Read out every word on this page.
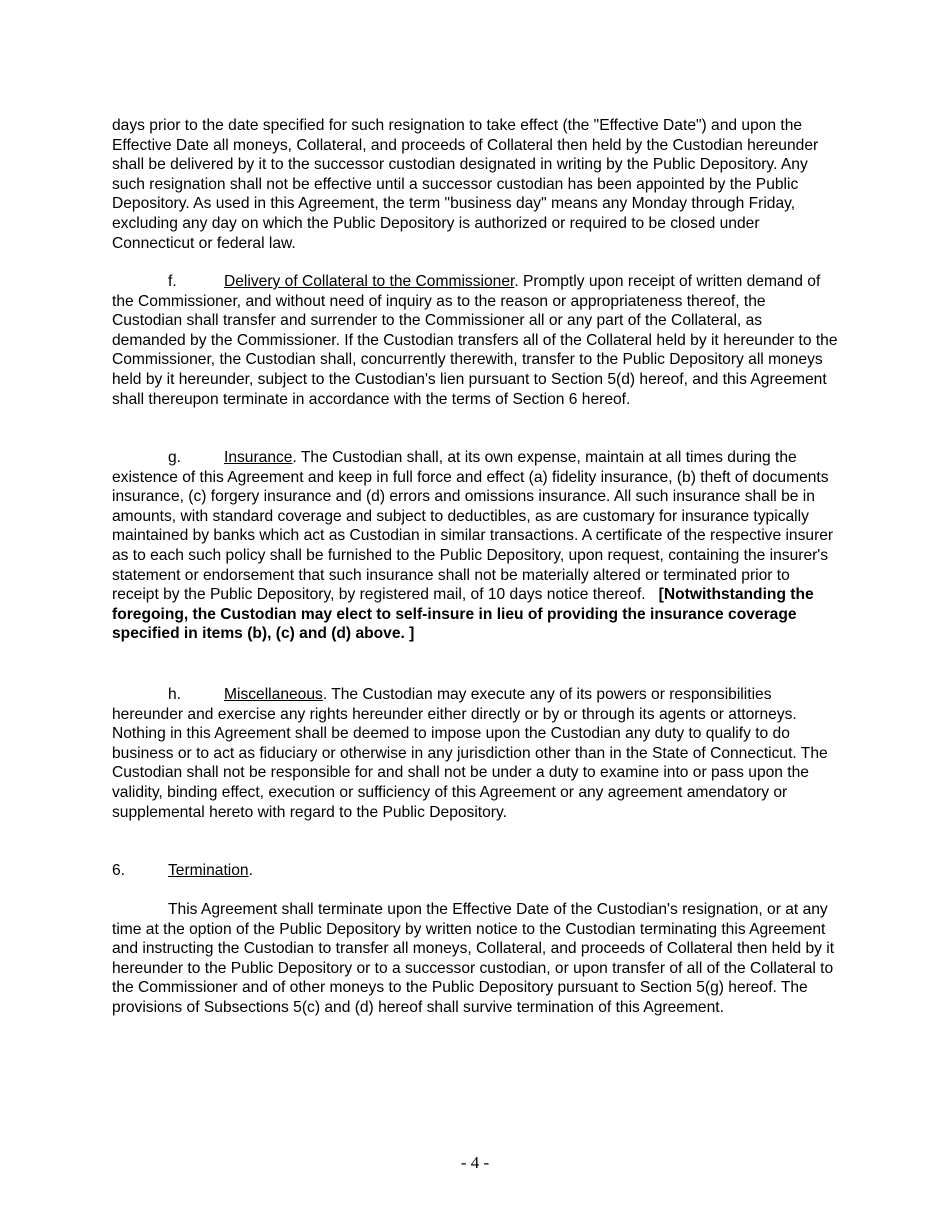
days prior to the date specified for such resignation to take effect (the "Effective Date") and upon the Effective Date all moneys, Collateral, and proceeds of Collateral then held by the Custodian hereunder shall be delivered by it to the successor custodian designated in writing by the Public Depository. Any such resignation shall not be effective until a successor custodian has been appointed by the Public Depository. As used in this Agreement, the term "business day" means any Monday through Friday, excluding any day on which the Public Depository is authorized or required to be closed under Connecticut or federal law.

f.	Delivery of Collateral to the Commissioner. Promptly upon receipt of written demand of the Commissioner, and without need of inquiry as to the reason or appropriateness thereof, the Custodian shall transfer and surrender to the Commissioner all or any part of the Collateral, as demanded by the Commissioner. If the Custodian transfers all of the Collateral held by it hereunder to the Commissioner, the Custodian shall, concurrently therewith, transfer to the Public Depository all moneys held by it hereunder, subject to the Custodian's lien pursuant to Section 5(d) hereof, and this Agreement shall thereupon terminate in accordance with the terms of Section 6 hereof.

g.	Insurance. The Custodian shall, at its own expense, maintain at all times during the existence of this Agreement and keep in full force and effect (a) fidelity insurance, (b) theft of documents insurance, (c) forgery insurance and (d) errors and omissions insurance. All such insurance shall be in amounts, with standard coverage and subject to deductibles, as are customary for insurance typically maintained by banks which act as Custodian in similar transactions. A certificate of the respective insurer as to each such policy shall be furnished to the Public Depository, upon request, containing the insurer's statement or endorsement that such insurance shall not be materially altered or terminated prior to receipt by the Public Depository, by registered mail, of 10 days notice thereof. [Notwithstanding the foregoing, the Custodian may elect to self-insure in lieu of providing the insurance coverage specified in items (b), (c) and (d) above. ]

h.	Miscellaneous. The Custodian may execute any of its powers or responsibilities hereunder and exercise any rights hereunder either directly or by or through its agents or attorneys. Nothing in this Agreement shall be deemed to impose upon the Custodian any duty to qualify to do business or to act as fiduciary or otherwise in any jurisdiction other than in the State of Connecticut. The Custodian shall not be responsible for and shall not be under a duty to examine into or pass upon the validity, binding effect, execution or sufficiency of this Agreement or any agreement amendatory or supplemental hereto with regard to the Public Depository.

6.	Termination.

This Agreement shall terminate upon the Effective Date of the Custodian's resignation, or at any time at the option of the Public Depository by written notice to the Custodian terminating this Agreement and instructing the Custodian to transfer all moneys, Collateral, and proceeds of Collateral then held by it hereunder to the Public Depository or to a successor custodian, or upon transfer of all of the Collateral to the Commissioner and of other moneys to the Public Depository pursuant to Section 5(g) hereof. The provisions of Subsections 5(c) and (d) hereof shall survive termination of this Agreement.

- 4 -
